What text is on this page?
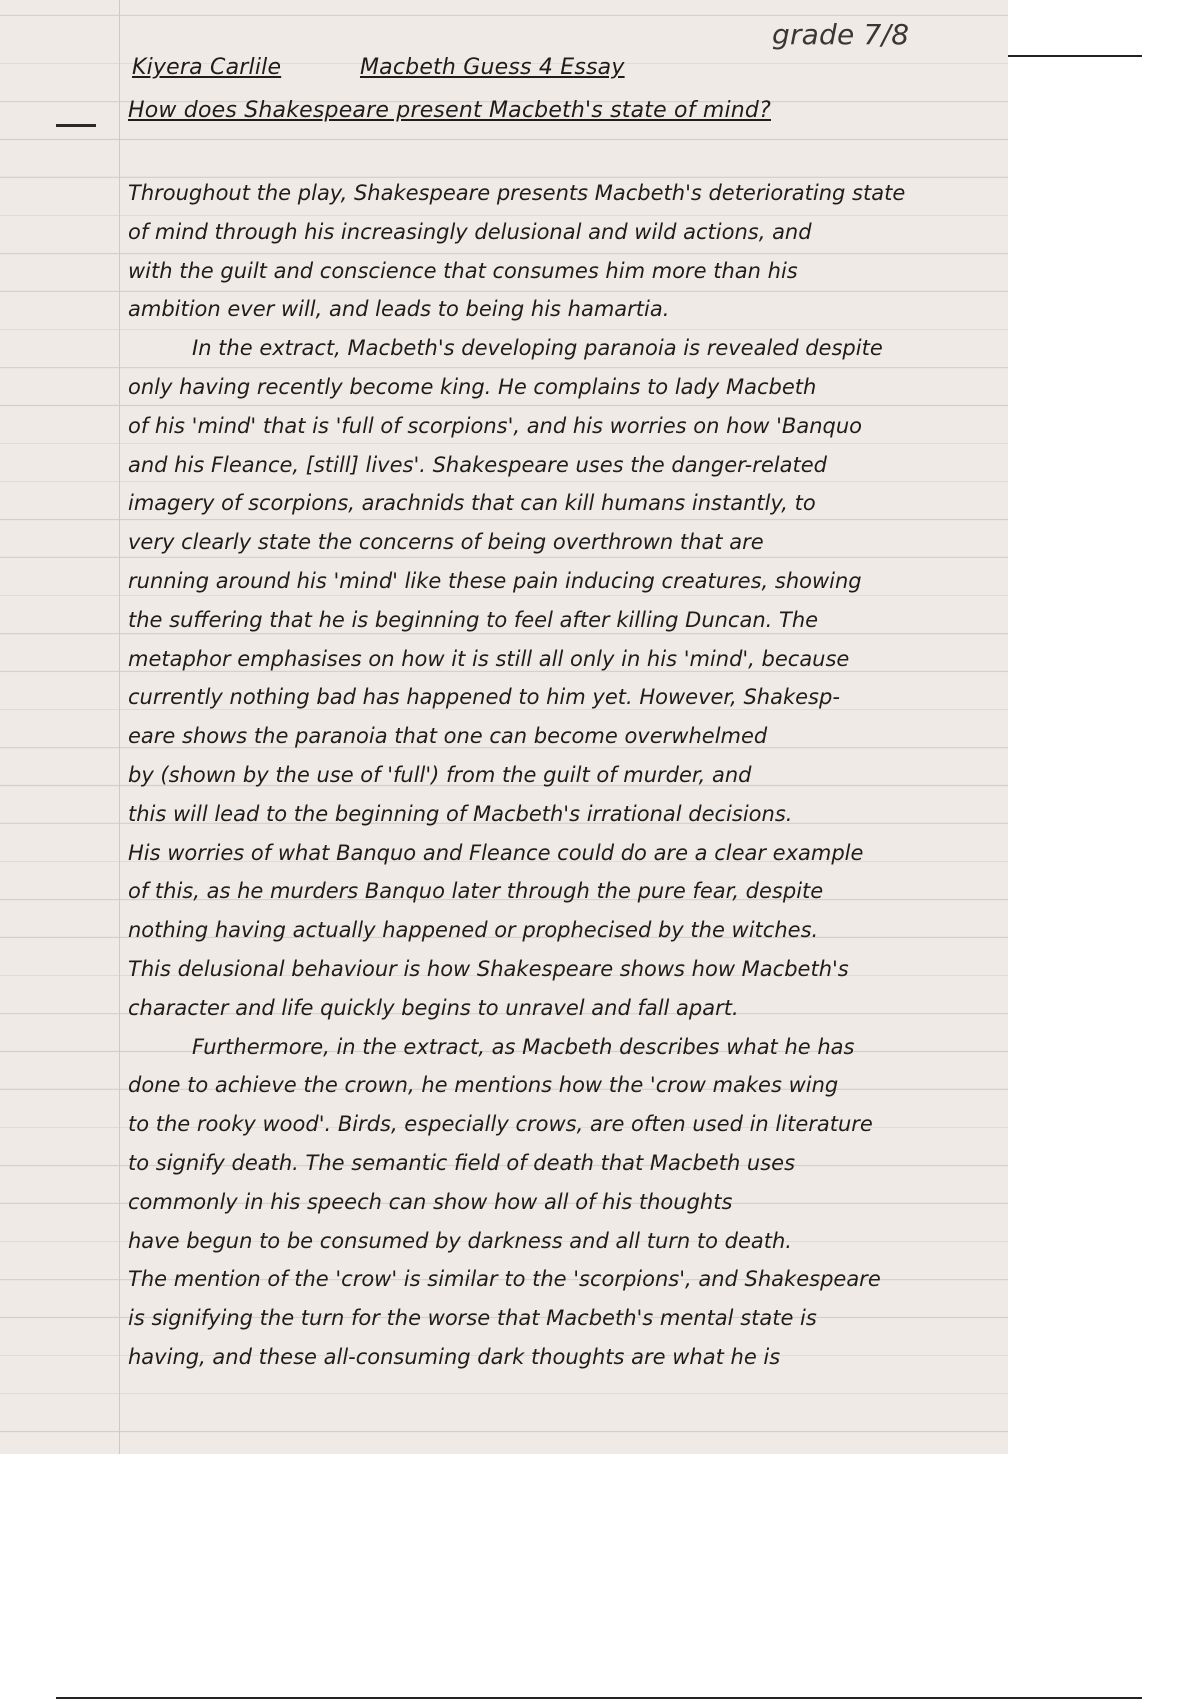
grade 7/8
Kiyera Carlile	Macbeth Guess 4 Essay
How does Shakespeare present Macbeth's state of mind?
Throughout the play, Shakespeare presents Macbeth's deteriorating state
of mind through his increasingly delusional and wild actions, and
with the guilt and conscience that consumes him more than his
ambition ever will, and leads to being his hamartia.
In the extract, Macbeth's developing paranoia is revealed despite
only having recently become king. He complains to lady Macbeth
of his 'mind' that is 'full of scorpions', and his worries on how 'Banquo
and his Fleance, [still] lives'. Shakespeare uses the danger-related
imagery of scorpions, arachnids that can kill humans instantly, to
very clearly state the concerns of being overthrown that are
running around his 'mind' like these pain inducing creatures, showing
the suffering that he is beginning to feel after killing Duncan. The
metaphor emphasises on how it is still all only in his 'mind', because
currently nothing bad has happened to him yet. However, Shakesp-
eare shows the paranoia that one can become overwhelmed
by (shown by the use of 'full') from the guilt of murder, and
this will lead to the beginning of Macbeth's irrational decisions.
His worries of what Banquo and Fleance could do are a clear example
of this, as he murders Banquo later through the pure fear, despite
nothing having actually happened or prophecised by the witches.
This delusional behaviour is how Shakespeare shows how Macbeth's
character and life quickly begins to unravel and fall apart.
Furthermore, in the extract, as Macbeth describes what he has
done to achieve the crown, he mentions how the 'crow makes wing
to the rooky wood'. Birds, especially crows, are often used in literature
to signify death. The semantic field of death that Macbeth uses
commonly in his speech can show how all of his thoughts
have begun to be consumed by darkness and all turn to death.
The mention of the 'crow' is similar to the 'scorpions', and Shakespeare
is signifying the turn for the worse that Macbeth's mental state is
having, and these all-consuming dark thoughts are what he is
